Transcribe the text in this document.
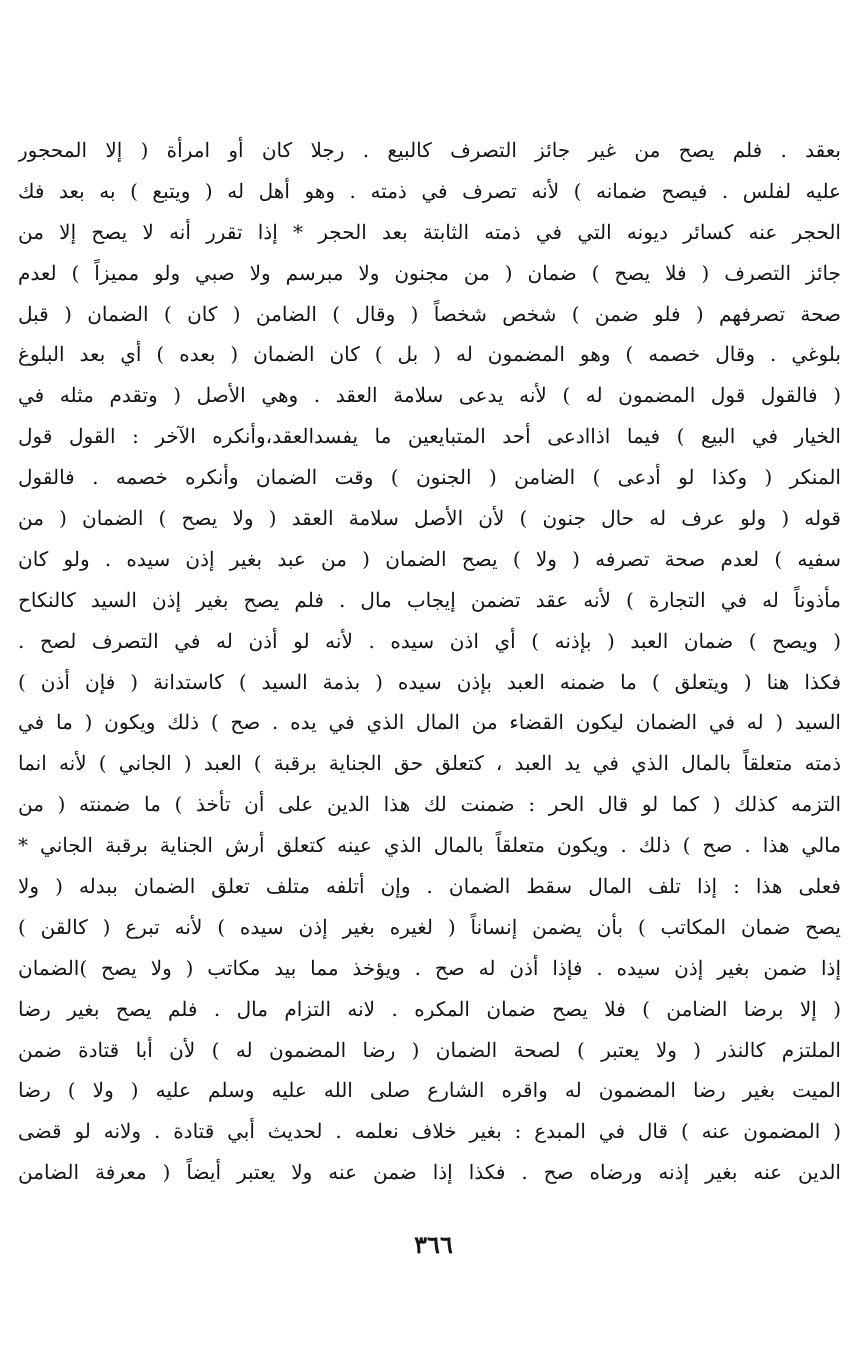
بعقد . فلم يصح من غير جائز التصرف كالبيع . رجلا كان أو امرأة ( إلا المحجور
عليه لفلس . فيصح ضمانه ) لأنه تصرف في ذمته . وهو أهل له ( ويتبع ) به بعد فك
الحجر عنه كسائر ديونه التي في ذمته الثابتة بعد الحجر * إذا تقرر أنه لا يصح إلا من
جائز التصرف ( فلا يصح ) ضمان ( من مجنون ولا مبرسم ولا صبي ولو مميزاً ) لعدم
صحة تصرفهم ( فلو ضمن ) شخص شخصاً ( وقال ) الضامن ( كان ) الضمان ( قبل
بلوغي . وقال خصمه ) وهو المضمون له ( بل ) كان الضمان ( بعده ) أي بعد البلوغ
( فالقول قول المضمون له ) لأنه يدعى سلامة العقد . وهي الأصل ( وتقدم مثله في
الخيار في البيع ) فيما اذاادعى أحد المتبايعين ما يفسدالعقد،وأنكره الآخر : القول قول
المنكر ( وكذا لو أدعى ) الضامن ( الجنون ) وقت الضمان وأنكره خصمه . فالقول
قوله ( ولو عرف له حال جنون ) لأن الأصل سلامة العقد ( ولا يصح ) الضمان ( من
سفيه ) لعدم صحة تصرفه ( ولا ) يصح الضمان ( من عبد بغير إذن سيده . ولو كان
مأذوناً له في التجارة ) لأنه عقد تضمن إيجاب مال . فلم يصح بغير إذن السيد كالنكاح
( ويصح ) ضمان العبد ( بإذنه ) أي اذن سيده . لأنه لو أذن له في التصرف لصح .
فكذا هنا ( ويتعلق ) ما ضمنه العبد بإذن سيده ( بذمة السيد ) كاستدانة ( فإن أذن )
السيد ( له في الضمان ليكون القضاء من المال الذي في يده . صح ) ذلك ويكون ( ما في
ذمته متعلقاً بالمال الذي في يد العبد ، كتعلق حق الجناية برقبة ) العبد ( الجاني ) لأنه انما
التزمه كذلك ( كما لو قال الحر : ضمنت لك هذا الدين على أن تأخذ ) ما ضمنته ( من
مالي هذا . صح ) ذلك . ويكون متعلقاً بالمال الذي عينه كتعلق أرش الجناية برقبة الجاني *
فعلى هذا : إذا تلف المال سقط الضمان . وإن أتلفه متلف تعلق الضمان ببدله ( ولا
يصح ضمان المكاتب ) بأن يضمن إنساناً ( لغيره بغير إذن سيده ) لأنه تبرع ( كالقن )
إذا ضمن بغير إذن سيده . فإذا أذن له صح . ويؤخذ مما بيد مكاتب ( ولا يصح )الضمان
( إلا برضا الضامن ) فلا يصح ضمان المكره . لانه التزام مال . فلم يصح بغير رضا
الملتزم كالنذر ( ولا يعتبر ) لصحة الضمان ( رضا المضمون له ) لأن أبا قتادة ضمن
الميت بغير رضا المضمون له واقره الشارع صلى الله عليه وسلم عليه ( ولا ) رضا
( المضمون عنه ) قال في المبدع : بغير خلاف نعلمه . لحديث أبي قتادة . ولانه لو قضى
الدين عنه بغير إذنه ورضاه صح . فكذا إذا ضمن عنه ولا يعتبر أيضاً ( معرفة الضامن
٣٦٦
